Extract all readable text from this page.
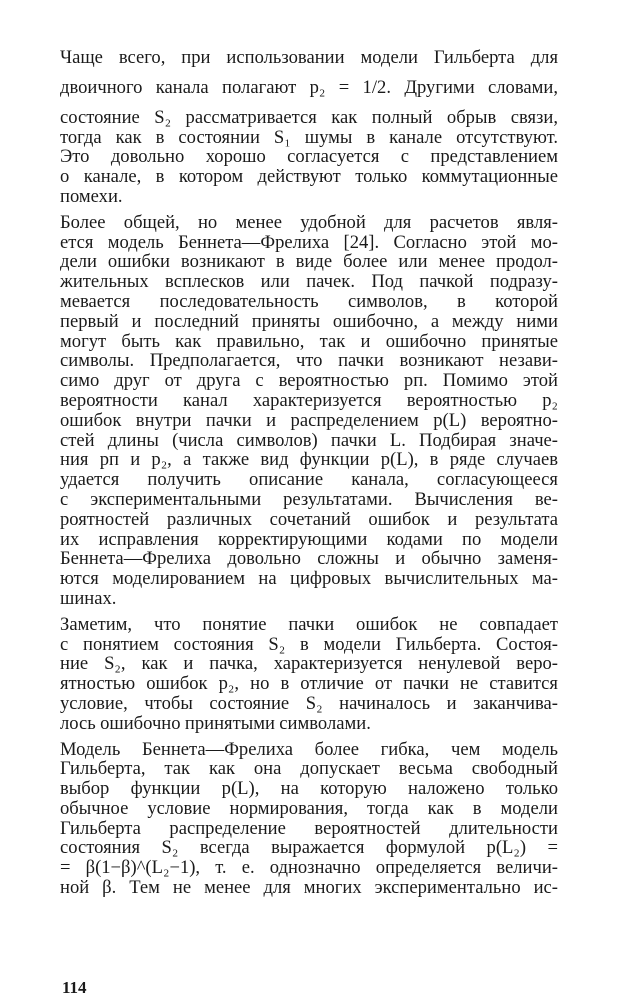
Чаще всего, при использовании модели Гильберта для
двоичного канала полагают p₂ = 1/2. Другими словами,
состояние S₂ рассматривается как полный обрыв связи,
тогда как в состоянии S₁ шумы в канале отсутствуют.
Это довольно хорошо согласуется с представлением
о канале, в котором действуют только коммутационные
помехи.
Более общей, но менее удобной для расчетов явля-
ется модель Беннета—Фрелиха [24]. Согласно этой мо-
дели ошибки возникают в виде более или менее продол-
жительных всплесков или пачек. Под пачкой подразу-
мевается последовательность символов, в которой
первый и последний приняты ошибочно, а между ними
могут быть как правильно, так и ошибочно принятые
символы. Предполагается, что пачки возникают незави-
симо друг от друга с вероятностью pп. Помимо этой
вероятности канал характеризуется вероятностью p₂
ошибок внутри пачки и распределением p(L) вероятно-
стей длины (числа символов) пачки L. Подбирая значе-
ния pп и p₂, а также вид функции p(L), в ряде случаев
удается получить описание канала, согласующееся
с экспериментальными результатами. Вычисления ве-
роятностей различных сочетаний ошибок и результата
их исправления корректирующими кодами по модели
Беннета—Фрелиха довольно сложны и обычно заменя-
ются моделированием на цифровых вычислительных ма-
шинах.
Заметим, что понятие пачки ошибок не совпадает
с понятием состояния S₂ в модели Гильберта. Состоя-
ние S₂, как и пачка, характеризуется ненулевой веро-
ятностью ошибок p₂, но в отличие от пачки не ставится
условие, чтобы состояние S₂ начиналось и заканчива-
лось ошибочно принятыми символами.
Модель Беннета—Фрелиха более гибка, чем модель
Гильберта, так как она допускает весьма свободный
выбор функции p(L), на которую наложено только
обычное условие нормирования, тогда как в модели
Гильберта распределение вероятностей длительности
состояния S₂ всегда выражается формулой p(L₂) =
= β(1−β)^(L₂−1), т. е. однозначно определяется величи-
ной β. Тем не менее для многих экспериментально ис-
114
